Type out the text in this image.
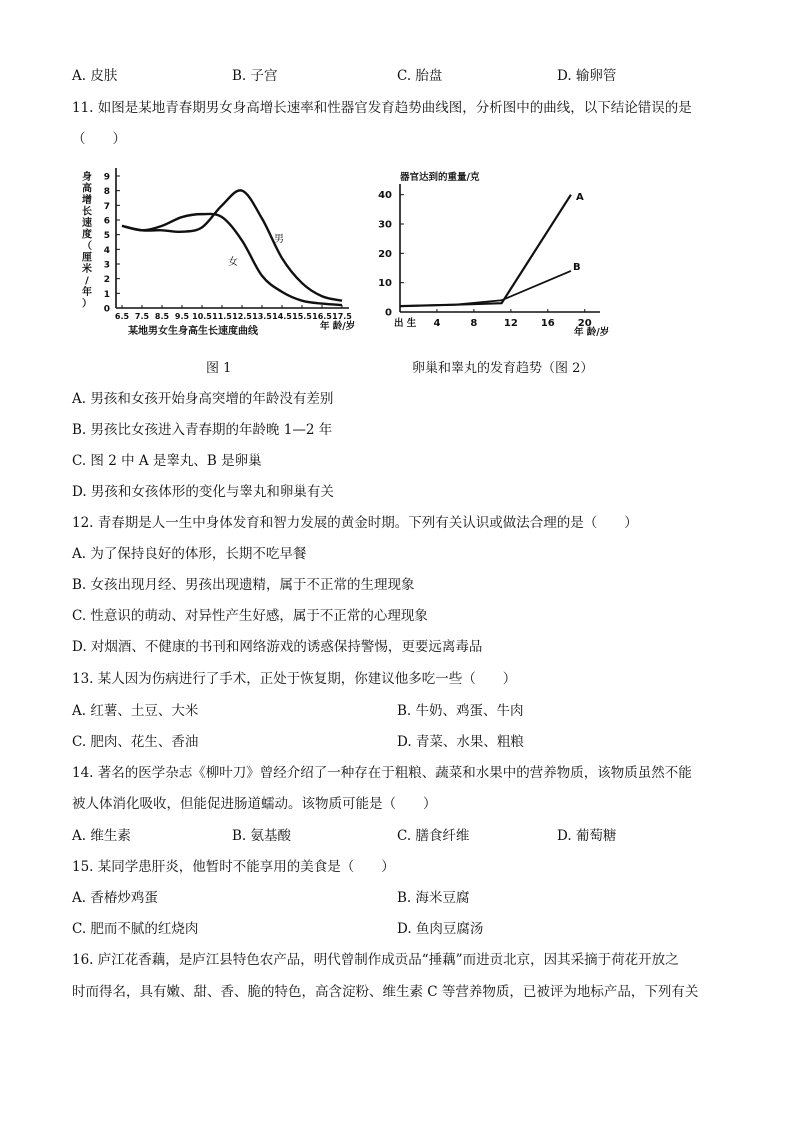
A. 皮肤	B. 子宫	C. 胎盘	D. 输卵管
11. 如图是某地青春期男女身高增长速率和性器官发育趋势曲线图，分析图中的曲线，以下结论错误的是
（　　）
身
高
增
长
速
度
（
厘
米
/
年
） 0
1
2
3
4
5
6
7
8
9
6.5 7.5 8.5 9.5 10.5 11.5 12.5 13.5 14.5 15.5 16.5 17.5
男
女
年 龄/岁
某地男女生身高生长速度曲线
图 1
器官达到的重量/克
0
10
20
30
40
4	8	12 16 20
A
B
出 生
年 龄/岁
卵巢和睾丸的发育趋势（图 2）
A. 男孩和女孩开始身高突增的年龄没有差别
B. 男孩比女孩进入青春期的年龄晚 1—2 年
C. 图 2 中 A 是睾丸、B 是卵巢
D. 男孩和女孩体形的变化与睾丸和卵巢有关
12. 青春期是人一生中身体发育和智力发展的黄金时期。下列有关认识或做法合理的是（　　）
A. 为了保持良好的体形，长期不吃早餐
B. 女孩出现月经、男孩出现遗精，属于不正常的生理现象
C. 性意识的萌动、对异性产生好感，属于不正常的心理现象
D. 对烟酒、不健康的书刊和网络游戏的诱惑保持警惕，更要远离毒品
13. 某人因为伤病进行了手术，正处于恢复期，你建议他多吃一些（　　）
A. 红薯、土豆、大米	B. 牛奶、鸡蛋、牛肉
C. 肥肉、花生、香油	D. 青菜、水果、粗粮
14. 著名的医学杂志《柳叶刀》曾经介绍了一种存在于粗粮、蔬菜和水果中的营养物质，该物质虽然不能
被人体消化吸收，但能促进肠道蠕动。该物质可能是（　　）
A. 维生素	B. 氨基酸	C. 膳食纤维	D. 葡萄糖
15. 某同学患肝炎，他暂时不能享用的美食是（　　）
A. 香椿炒鸡蛋	B. 海米豆腐
C. 肥而不腻的红烧肉	D. 鱼肉豆腐汤
16. 庐江花香藕，是庐江县特色农产品，明代曾制作成贡品“捶藕”而进贡北京，因其采摘于荷花开放之
时而得名，具有嫩、甜、香、脆的特色，高含淀粉、维生素 C 等营养物质，已被评为地标产品，下列有关
